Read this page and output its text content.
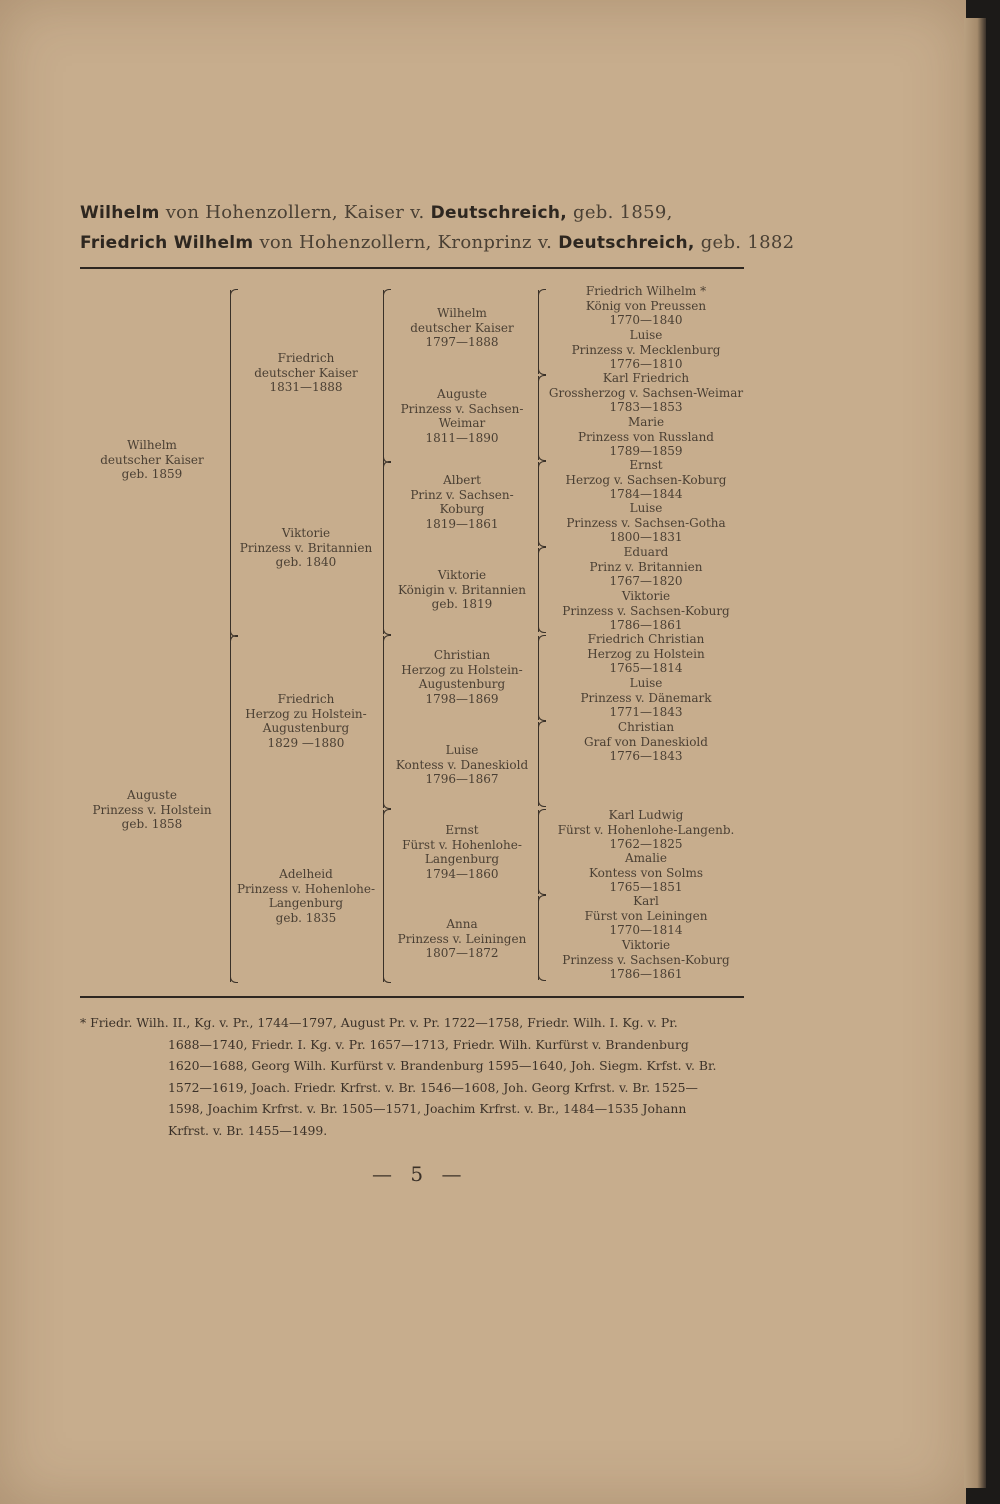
Wilhelm von Hohenzollern, Kaiser v. Deutschreich, geb. 1859,
Friedrich Wilhelm von Hohenzollern, Kronprinz v. Deutschreich, geb. 1882
Wilhelm
deutscher Kaiser
geb. 1859
Auguste
Prinzess v. Holstein
geb. 1858
Friedrich
deutscher Kaiser
1831—1888
Viktorie
Prinzess v. Britannien
geb. 1840
Friedrich
Herzog zu Holstein-
Augustenburg
1829 —1880
Adelheid
Prinzess v. Hohenlohe-
Langenburg
geb. 1835
Wilhelm
deutscher Kaiser
1797—1888
Auguste
Prinzess v. Sachsen-
Weimar
1811—1890
Albert
Prinz v. Sachsen-
Koburg
1819—1861
Viktorie
Königin v. Britannien
geb. 1819
Christian
Herzog zu Holstein-
Augustenburg
1798—1869
Luise
Kontess v. Daneskiold
1796—1867
Ernst
Fürst v. Hohenlohe-
Langenburg
1794—1860
Anna
Prinzess v. Leiningen
1807—1872
Friedrich Wilhelm *
König von Preussen
1770—1840
Luise
Prinzess v. Mecklenburg
1776—1810
Karl Friedrich
Grossherzog v. Sachsen-Weimar
1783—1853
Marie
Prinzess von Russland
1789—1859
Ernst
Herzog v. Sachsen-Koburg
1784—1844
Luise
Prinzess v. Sachsen-Gotha
1800—1831
Eduard
Prinz v. Britannien
1767—1820
Viktorie
Prinzess v. Sachsen-Koburg
1786—1861
Friedrich Christian
Herzog zu Holstein
1765—1814
Luise
Prinzess v. Dänemark
1771—1843
Christian
Graf von Daneskiold
1776—1843
Karl Ludwig
Fürst v. Hohenlohe-Langenb.
1762—1825
Amalie
Kontess von Solms
1765—1851
Karl
Fürst von Leiningen
1770—1814
Viktorie
Prinzess v. Sachsen-Koburg
1786—1861
* Friedr. Wilh. II., Kg. v. Pr., 1744—1797, August Pr. v. Pr. 1722—1758, Friedr. Wilh. I. Kg. v. Pr.
1688—1740, Friedr. I. Kg. v. Pr. 1657—1713, Friedr. Wilh. Kurfürst v. Brandenburg
1620—1688, Georg Wilh. Kurfürst v. Brandenburg 1595—1640, Joh. Siegm. Krfst. v. Br.
1572—1619, Joach. Friedr. Krfrst. v. Br. 1546—1608, Joh. Georg Krfrst. v. Br. 1525—
1598, Joachim Krfrst. v. Br. 1505—1571, Joachim Krfrst. v. Br., 1484—1535 Johann
Krfrst. v. Br. 1455—1499.
— 5 —
